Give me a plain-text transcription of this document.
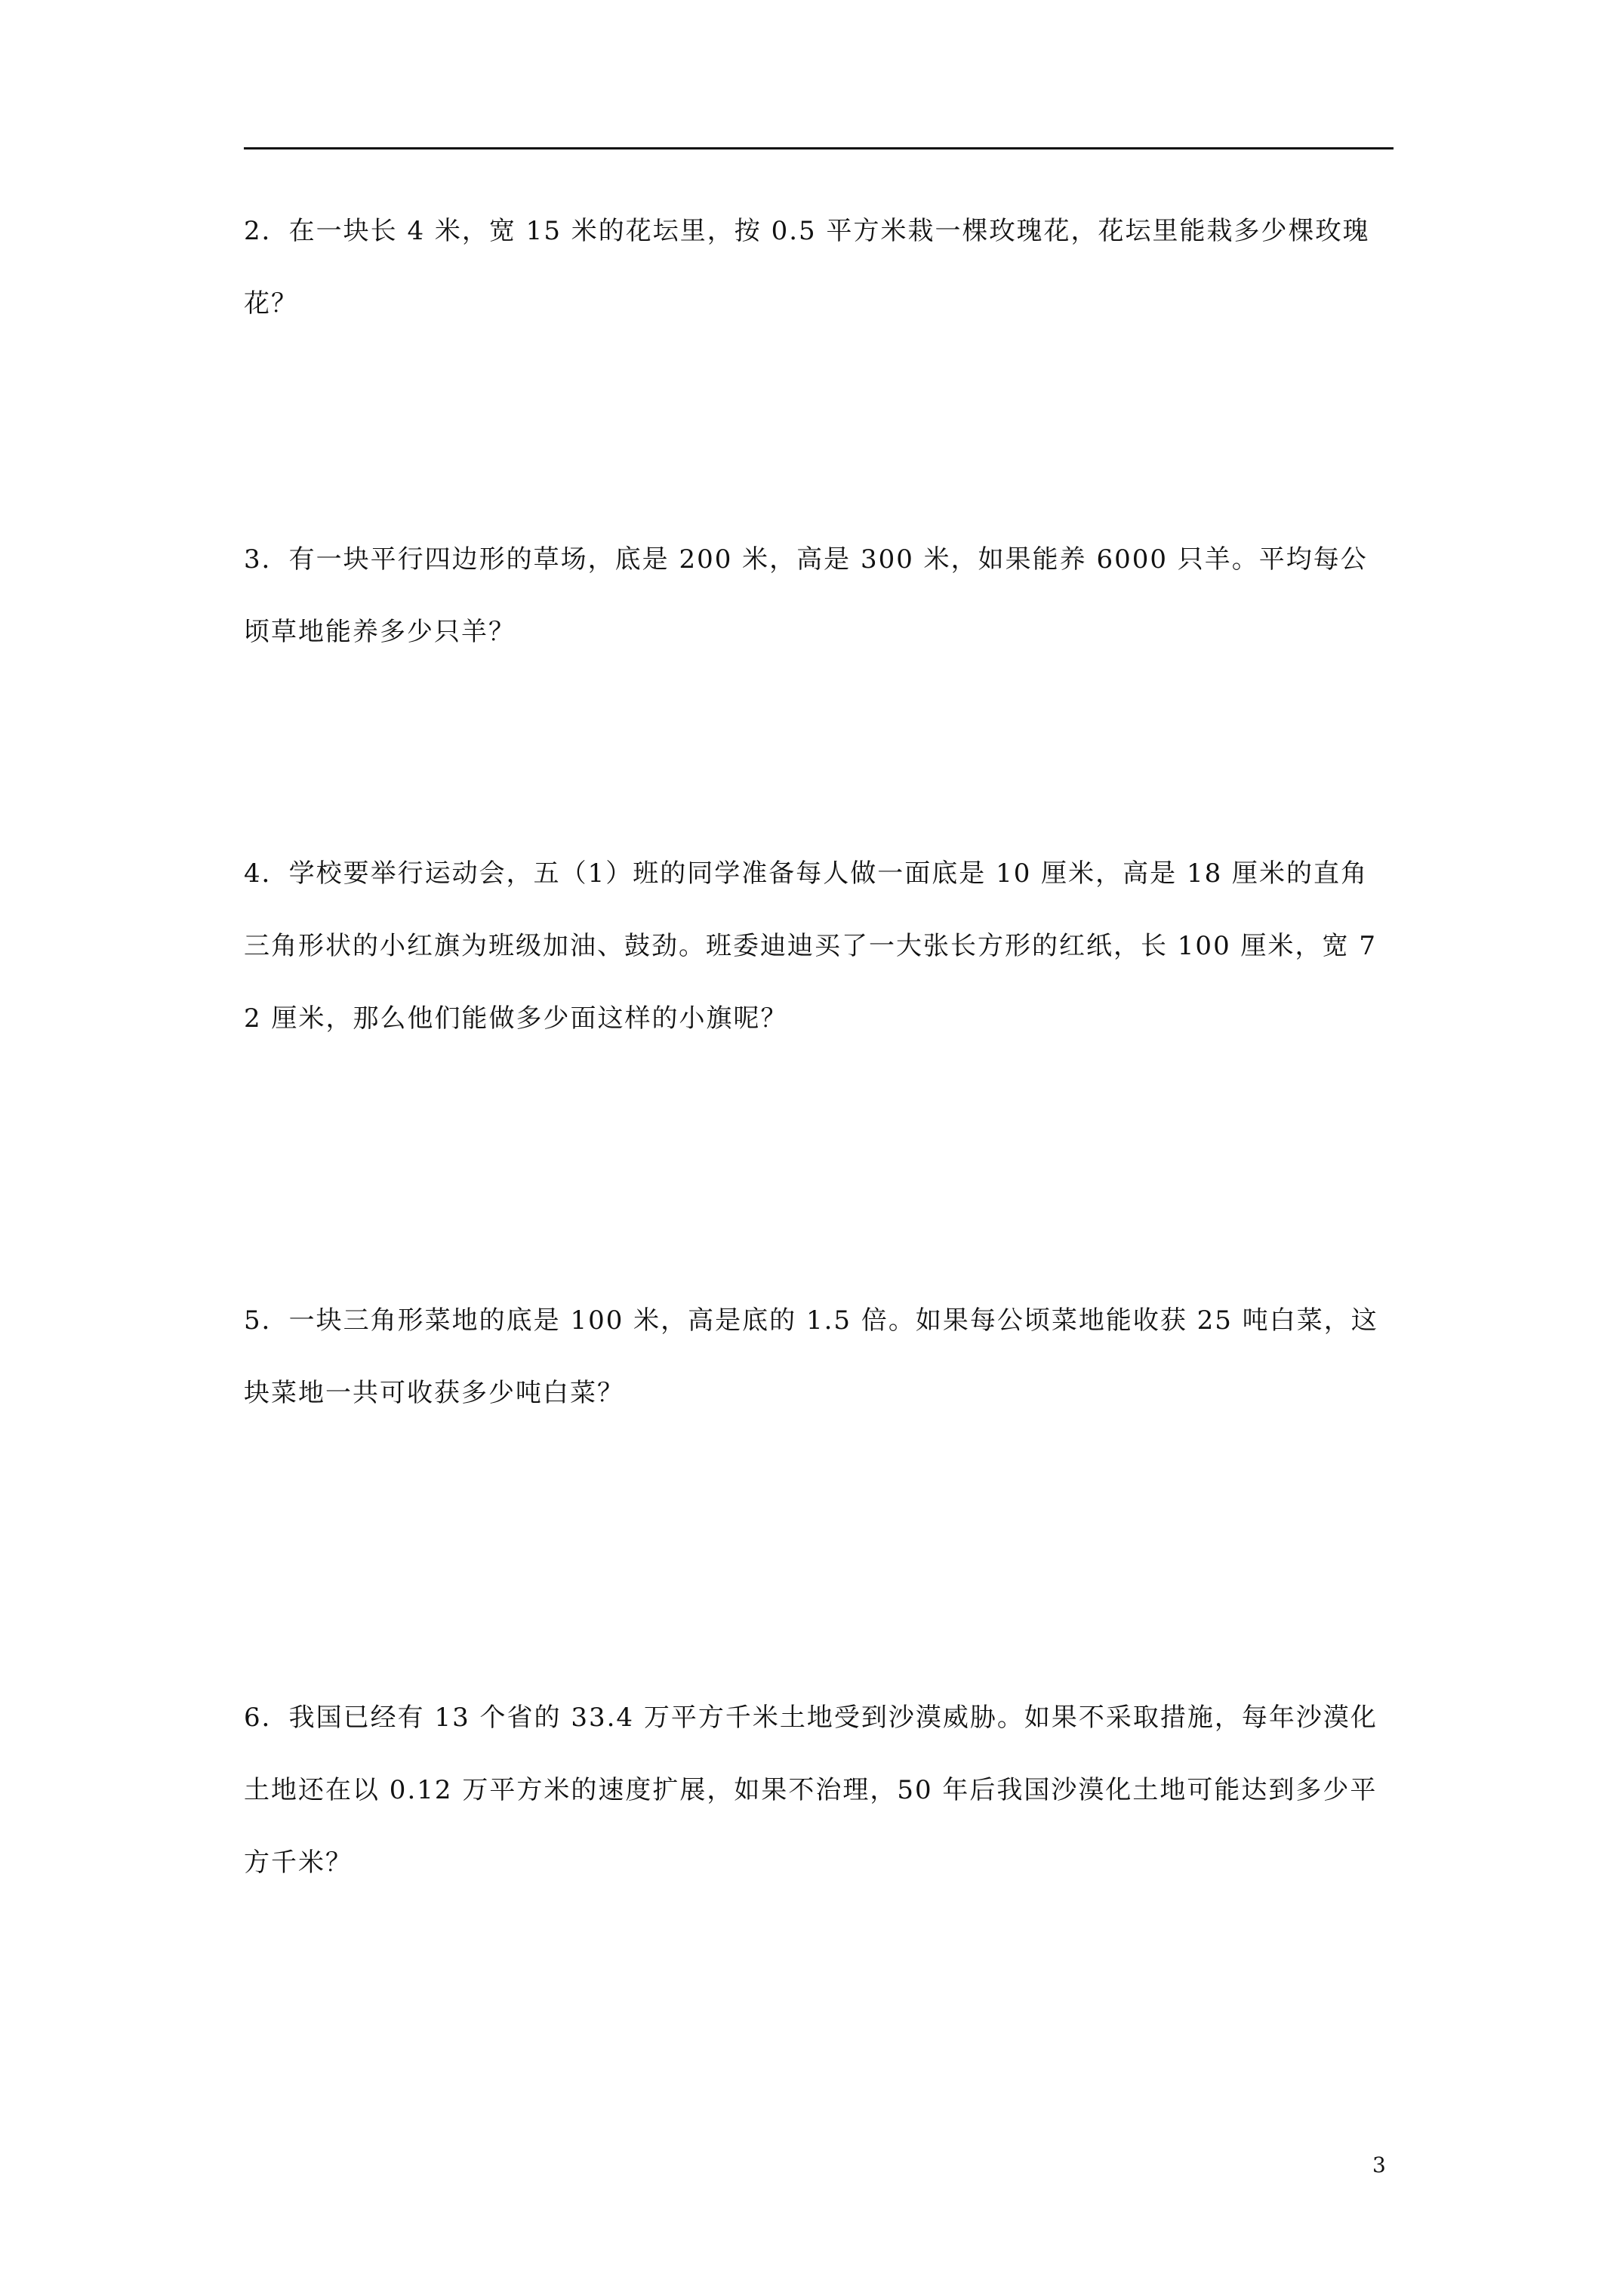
2．在一块长 4 米，宽 15 米的花坛里，按 0.5 平方米栽一棵玫瑰花，花坛里能栽多少棵玫瑰花？
3．有一块平行四边形的草场，底是 200 米，高是 300 米，如果能养 6000 只羊。平均每公顷草地能养多少只羊？
4．学校要举行运动会，五（1）班的同学准备每人做一面底是 10 厘米，高是 18 厘米的直角三角形状的小红旗为班级加油、鼓劲。班委迪迪买了一大张长方形的红纸，长 100 厘米，宽 72 厘米，那么他们能做多少面这样的小旗呢？
5．一块三角形菜地的底是 100 米，高是底的 1.5 倍。如果每公顷菜地能收获 25 吨白菜，这块菜地一共可收获多少吨白菜？
6．我国已经有 13 个省的 33.4 万平方千米土地受到沙漠威胁。如果不采取措施，每年沙漠化土地还在以 0.12 万平方米的速度扩展，如果不治理，50 年后我国沙漠化土地可能达到多少平方千米？
3
